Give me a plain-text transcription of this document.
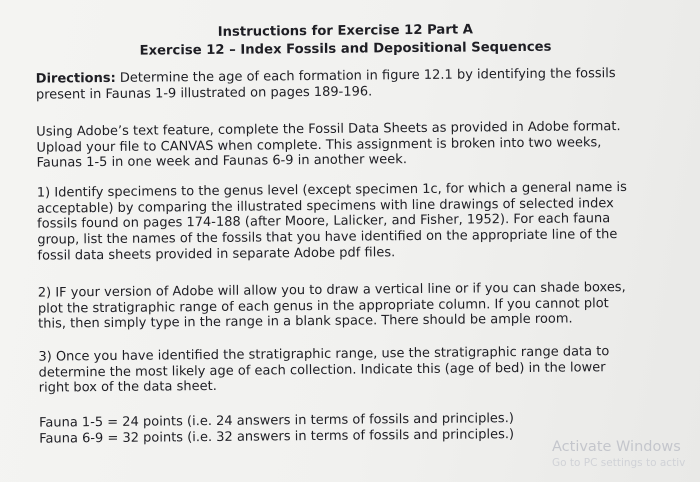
Instructions for Exercise 12 Part A
Exercise 12 – Index Fossils and Depositional Sequences

Directions: Determine the age of each formation in figure 12.1 by identifying the fossils
present in Faunas 1-9 illustrated on pages 189-196.

Using Adobe’s text feature, complete the Fossil Data Sheets as provided in Adobe format.
Upload your file to CANVAS when complete. This assignment is broken into two weeks,
Faunas 1-5 in one week and Faunas 6-9 in another week.

1) Identify specimens to the genus level (except specimen 1c, for which a general name is
acceptable) by comparing the illustrated specimens with line drawings of selected index
fossils found on pages 174-188 (after Moore, Lalicker, and Fisher, 1952). For each fauna
group, list the names of the fossils that you have identified on the appropriate line of the
fossil data sheets provided in separate Adobe pdf files.

2) IF your version of Adobe will allow you to draw a vertical line or if you can shade boxes,
plot the stratigraphic range of each genus in the appropriate column. If you cannot plot
this, then simply type in the range in a blank space. There should be ample room.

3) Once you have identified the stratigraphic range, use the stratigraphic range data to
determine the most likely age of each collection. Indicate this (age of bed) in the lower
right box of the data sheet.

Fauna 1-5 = 24 points (i.e. 24 answers in terms of fossils and principles.)
Fauna 6-9 = 32 points (i.e. 32 answers in terms of fossils and principles.)

Activate Windows
Go to PC settings to activ
